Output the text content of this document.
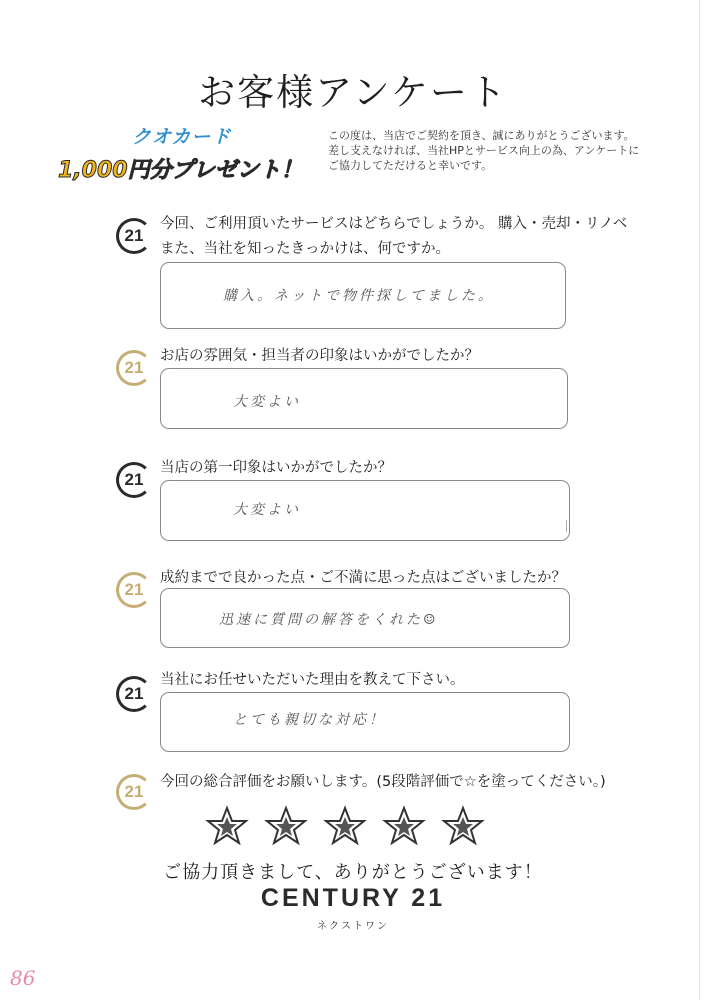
お客様アンケート
クオカード
1,000円分プレゼント！
この度は、当店でご契約を頂き、誠にありがとうございます。
差し支えなければ、当社HPとサービス向上の為、アンケートに
ご協力してただけると幸いです。
21
今回、ご利用頂いたサービスはどちらでしょうか。 購入・売却・リノベ
また、当社を知ったきっかけは、何ですか。
購入。ネットで物件探してました。
21
お店の雰囲気・担当者の印象はいかがでしたか？
大変よい
21
当店の第一印象はいかがでしたか？
大変よい
21
成約までで良かった点・ご不満に思った点はございましたか？
迅速に質問の解答をくれた☺
21
当社にお任せいただいた理由を教えて下さい。
とても親切な対応！
21	今回の総合評価をお願いします。(5段階評価で☆を塗ってください。)
ご協力頂きまして、ありがとうございます！
CENTURY 21
ネクストワン
86
